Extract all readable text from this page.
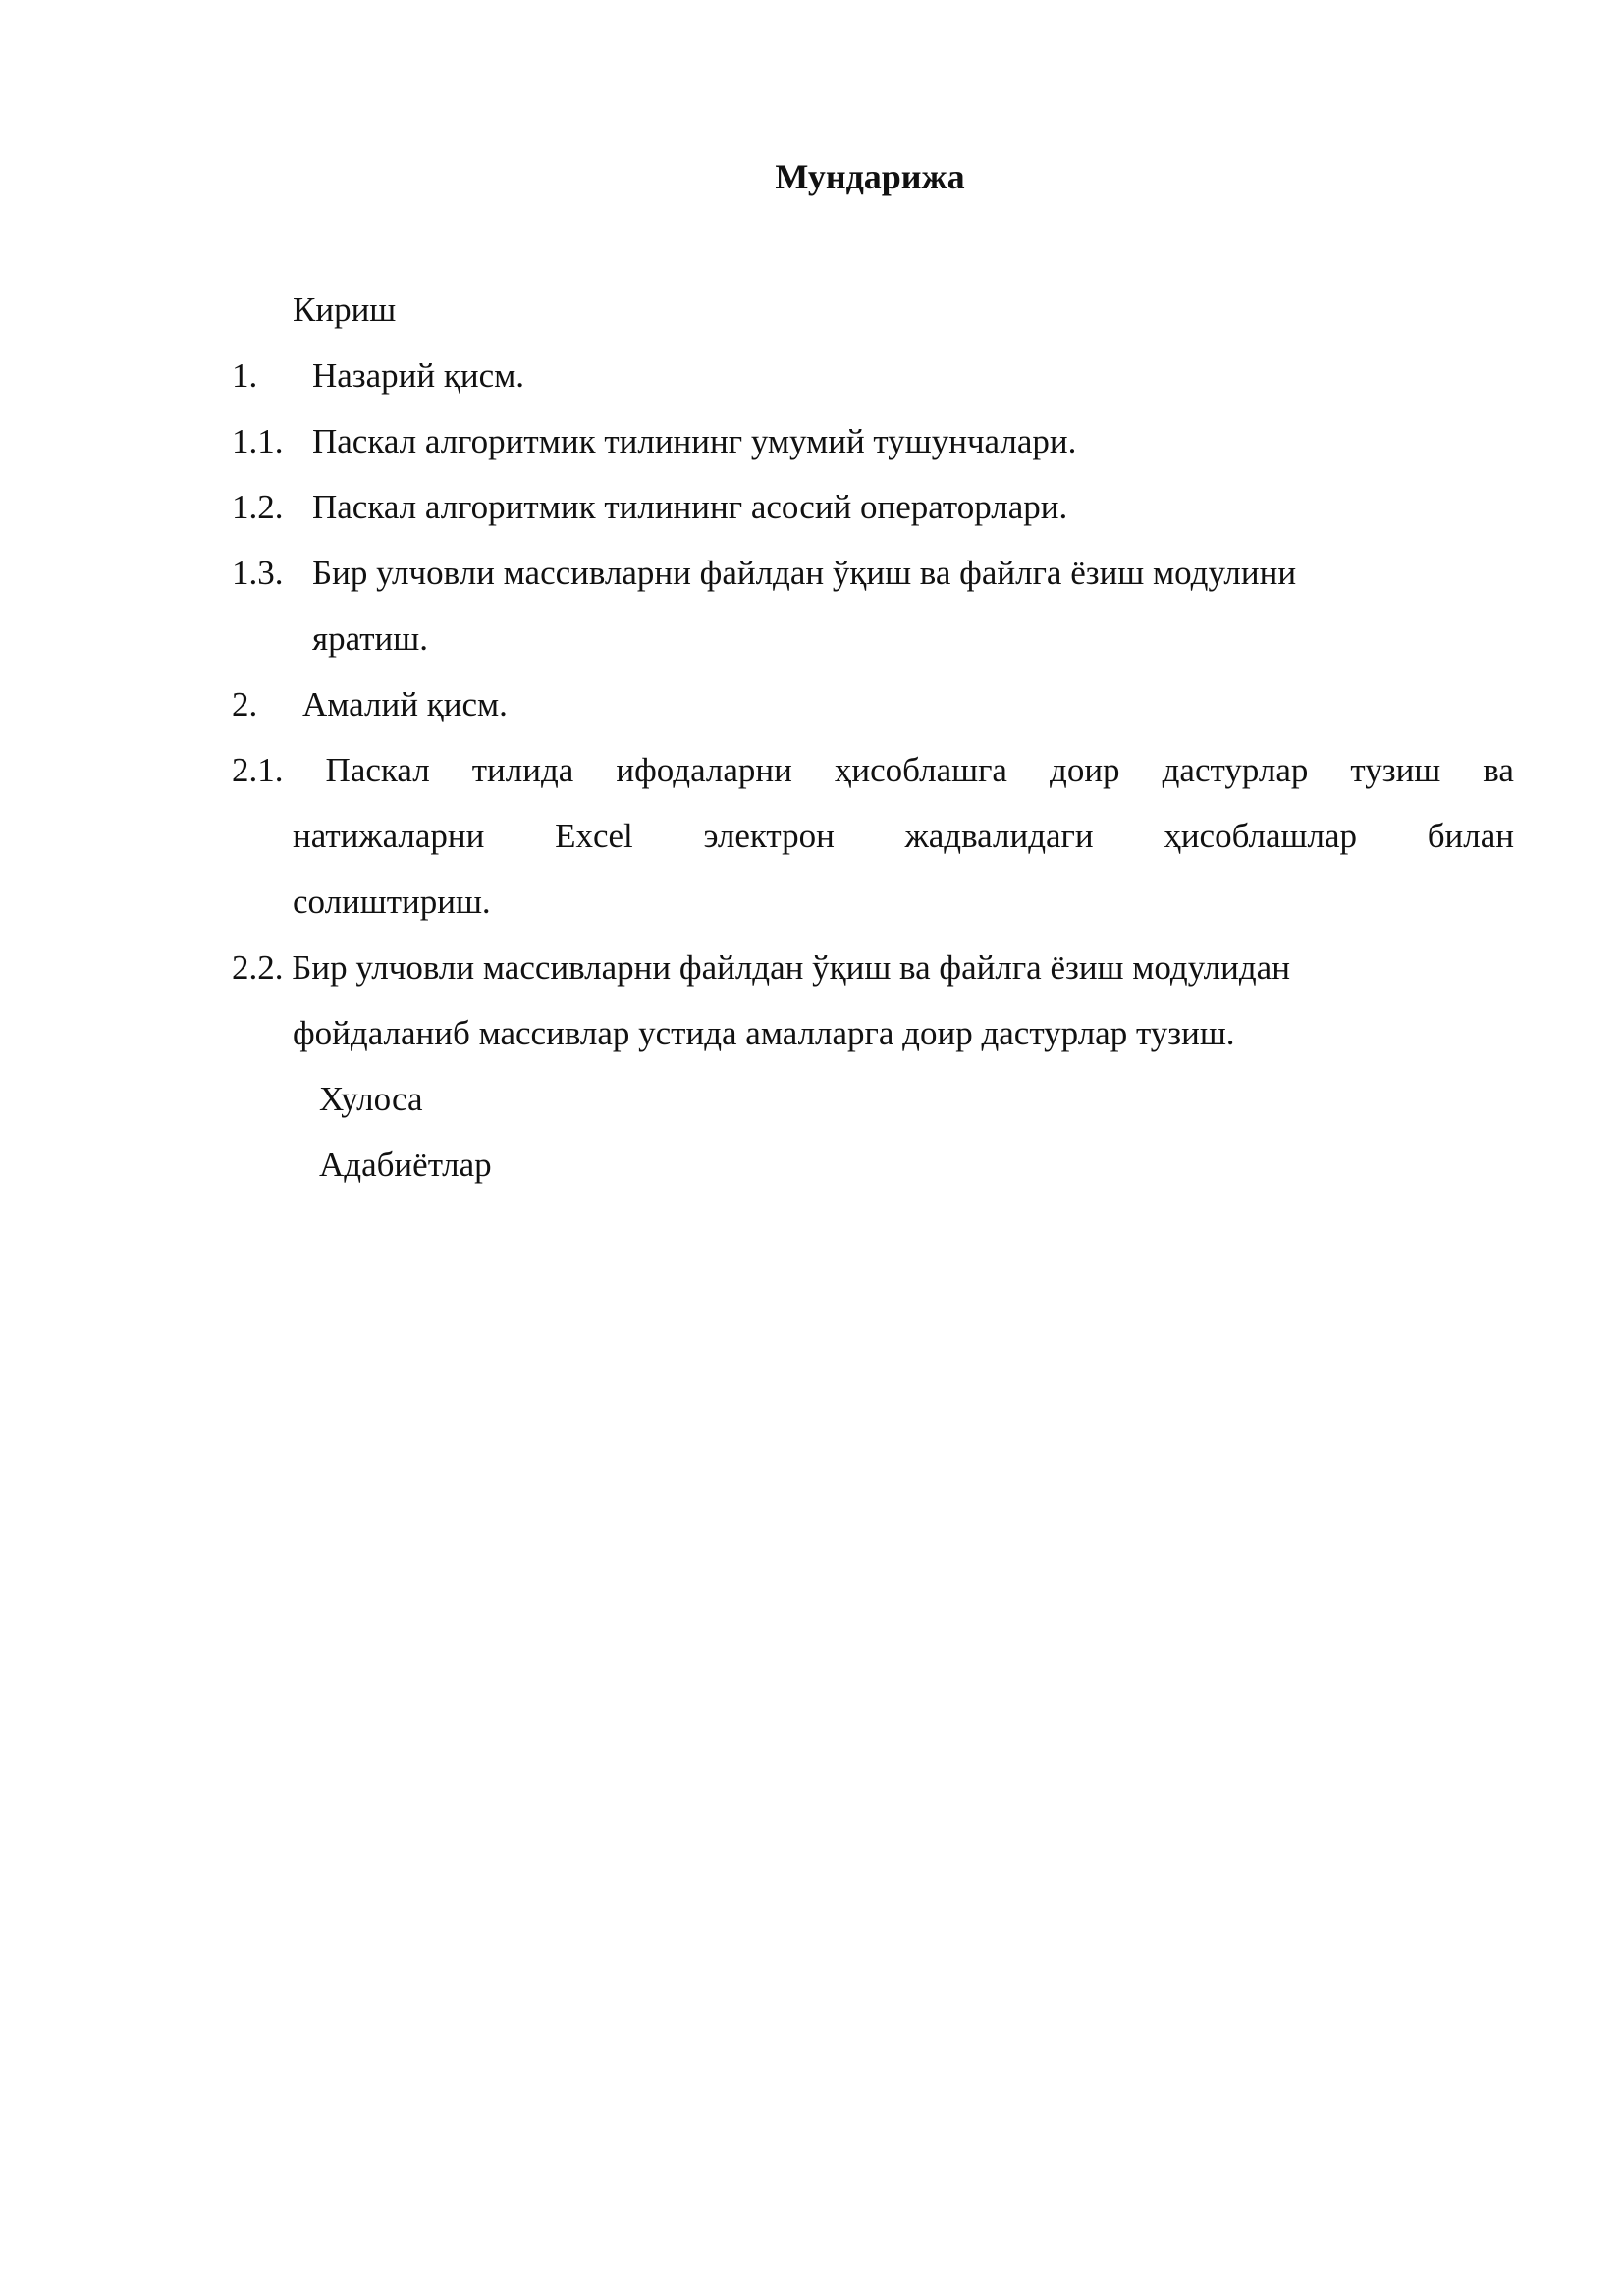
Мундарижа
Кириш
1. Назарий қисм.
1.1. Паскал алгоритмик тилининг умумий тушунчалари.
1.2. Паскал алгоритмик тилининг асосий операторлари.
1.3. Бир улчовли массивларни файлдан ўқиш ва файлга ёзиш модулини
яратиш.
2. Амалий қисм.
2.1. Паскал тилида ифодаларни ҳисоблашга доир дастурлар тузиш ва
натижаларни Excel электрон жадвалидаги ҳисоблашлар билан
солиштириш.
2.2. Бир улчовли массивларни файлдан ўқиш ва файлга ёзиш модулидан
фойдаланиб массивлар устида амалларга доир дастурлар тузиш.
Хулоса
Адабиётлар
